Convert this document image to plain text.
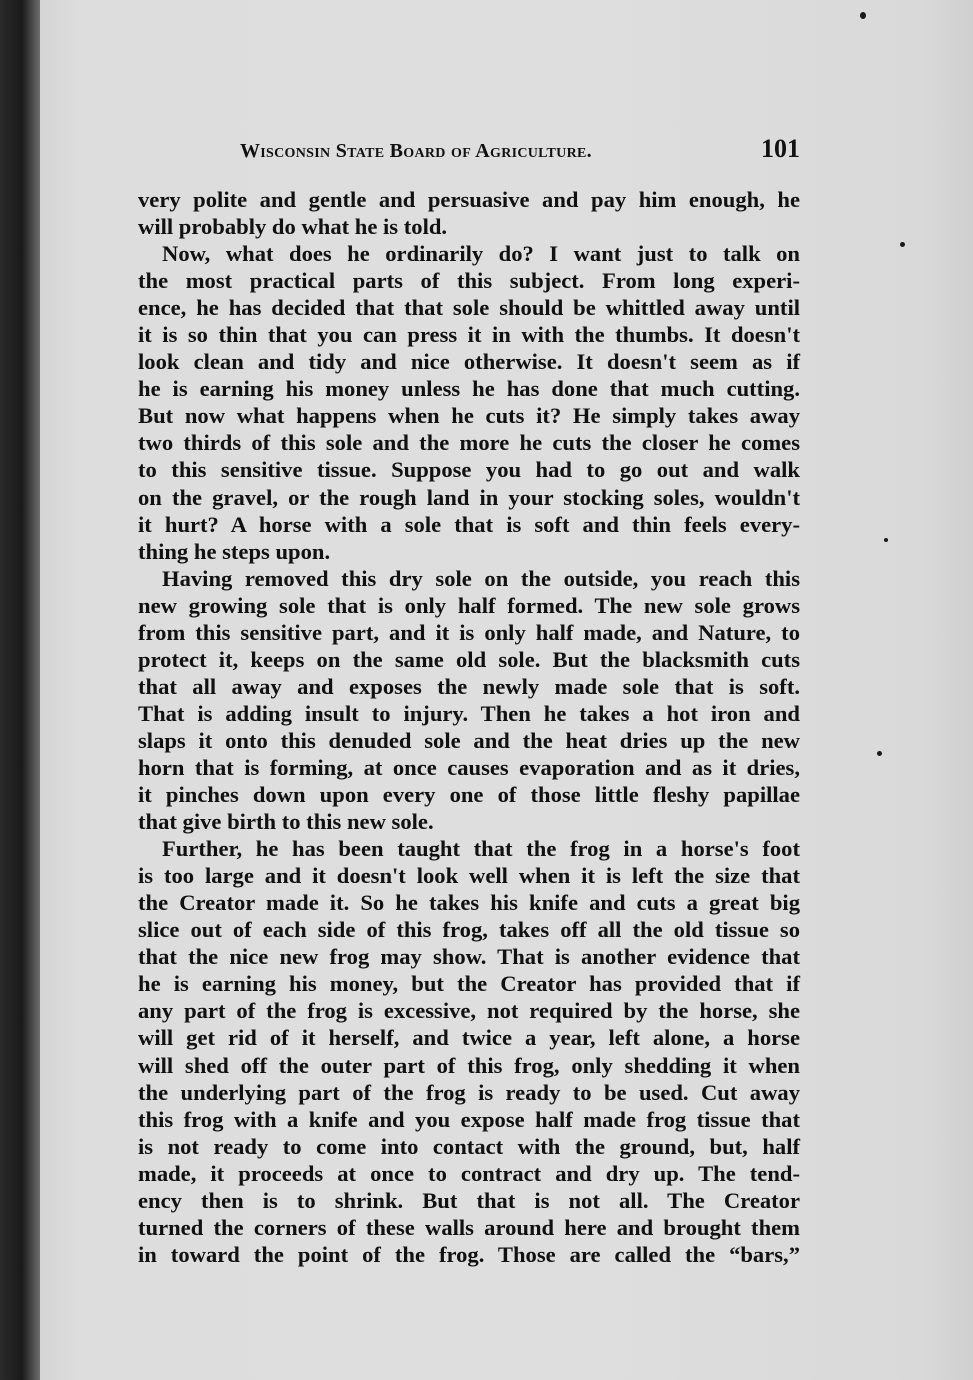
Wisconsin State Board of Agriculture.	101
very polite and gentle and persuasive and pay him enough, he
will probably do what he is told.
Now, what does he ordinarily do? I want just to talk on
the most practical parts of this subject. From long experi-
ence, he has decided that that sole should be whittled away until
it is so thin that you can press it in with the thumbs. It doesn't
look clean and tidy and nice otherwise. It doesn't seem as if
he is earning his money unless he has done that much cutting.
But now what happens when he cuts it? He simply takes away
two thirds of this sole and the more he cuts the closer he comes
to this sensitive tissue. Suppose you had to go out and walk
on the gravel, or the rough land in your stocking soles, wouldn't
it hurt? A horse with a sole that is soft and thin feels every-
thing he steps upon.
Having removed this dry sole on the outside, you reach this
new growing sole that is only half formed. The new sole grows
from this sensitive part, and it is only half made, and Nature, to
protect it, keeps on the same old sole. But the blacksmith cuts
that all away and exposes the newly made sole that is soft.
That is adding insult to injury. Then he takes a hot iron and
slaps it onto this denuded sole and the heat dries up the new
horn that is forming, at once causes evaporation and as it dries,
it pinches down upon every one of those little fleshy papillae
that give birth to this new sole.
Further, he has been taught that the frog in a horse's foot
is too large and it doesn't look well when it is left the size that
the Creator made it. So he takes his knife and cuts a great big
slice out of each side of this frog, takes off all the old tissue so
that the nice new frog may show. That is another evidence that
he is earning his money, but the Creator has provided that if
any part of the frog is excessive, not required by the horse, she
will get rid of it herself, and twice a year, left alone, a horse
will shed off the outer part of this frog, only shedding it when
the underlying part of the frog is ready to be used. Cut away
this frog with a knife and you expose half made frog tissue that
is not ready to come into contact with the ground, but, half
made, it proceeds at once to contract and dry up. The tend-
ency then is to shrink. But that is not all. The Creator
turned the corners of these walls around here and brought them
in toward the point of the frog. Those are called the “bars,”
